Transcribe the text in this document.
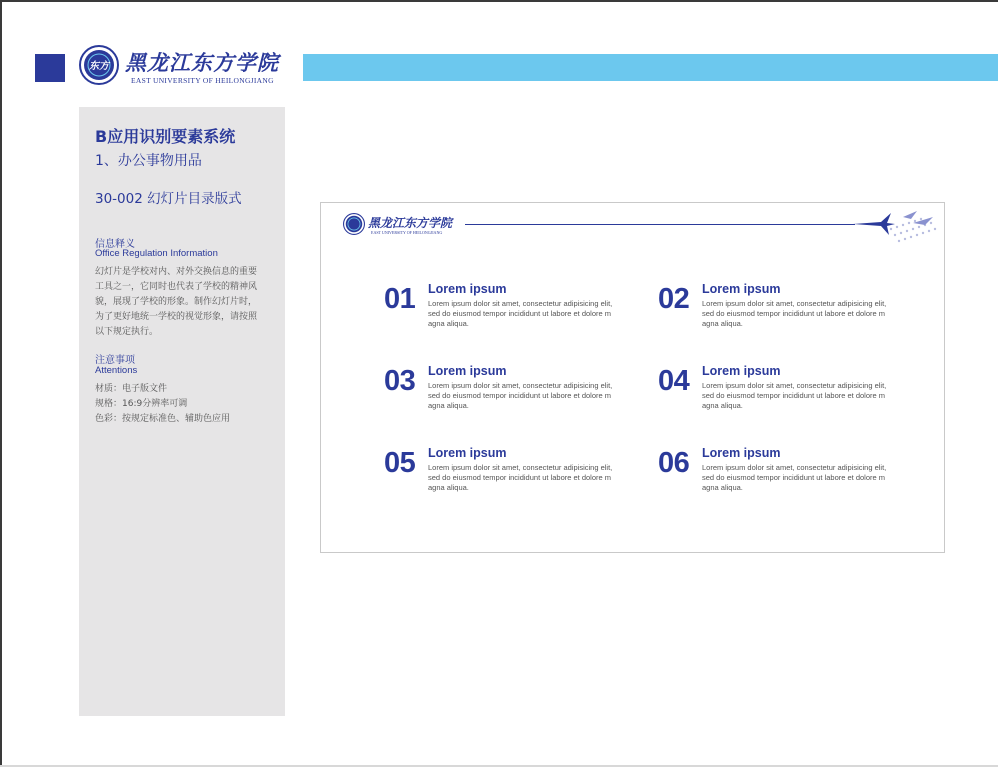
东方 黑龙江东方学院
EAST UNIVERSITY OF HEILONGJIANG
B应用识别要素系统
1、办公事物用品
30-002 幻灯片目录版式
信息释义
Office Regulation Information
幻灯片是学校对内、对外交换信息的重要
工具之一，它同时也代表了学校的精神风
貌，展现了学校的形象。制作幻灯片时，
为了更好地统一学校的视觉形象，请按照
以下规定执行。
注意事项
Attentions
材质：电子版文件
规格：16:9分辨率可调
色彩：按规定标准色、辅助色应用
黑龙江东方学院
EAST UNIVERSITY OF HEILONGJIANG
01 Lorem ipsum
Lorem ipsum dolor sit amet, consectetur adipisicing elit, sed do eiusmod tempor incididunt ut labore et dolore magna aliqua.
02 Lorem ipsum
Lorem ipsum dolor sit amet, consectetur adipisicing elit, sed do eiusmod tempor incididunt ut labore et dolore magna aliqua.
03 Lorem ipsum
Lorem ipsum dolor sit amet, consectetur adipisicing elit, sed do eiusmod tempor incididunt ut labore et dolore magna aliqua.
04 Lorem ipsum
Lorem ipsum dolor sit amet, consectetur adipisicing elit, sed do eiusmod tempor incididunt ut labore et dolore magna aliqua.
05 Lorem ipsum
Lorem ipsum dolor sit amet, consectetur adipisicing elit, sed do eiusmod tempor incididunt ut labore et dolore magna aliqua.
06 Lorem ipsum
Lorem ipsum dolor sit amet, consectetur adipisicing elit, sed do eiusmod tempor incididunt ut labore et dolore magna aliqua.
